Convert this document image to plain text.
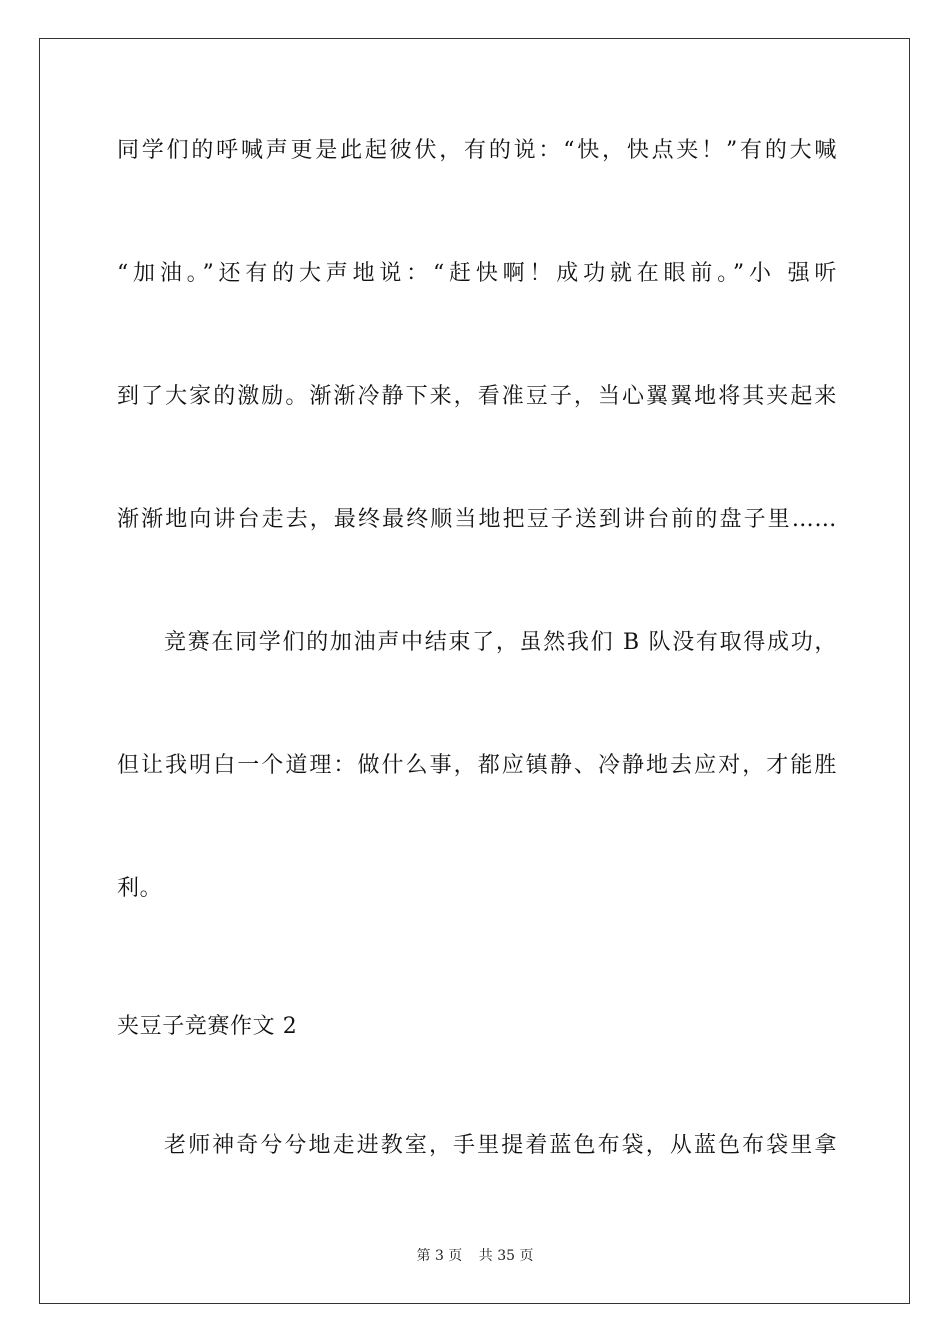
同学们的呼喊声更是此起彼伏，有的说：“快，快点夹！”有的大喊
“加油。”还有的大声地说：“赶快啊！成功就在眼前。”小 强听
到了大家的激励。渐渐冷静下来，看准豆子，当心翼翼地将其夹起来
渐渐地向讲台走去，最终最终顺当地把豆子送到讲台前的盘子里……
竞赛在同学们的加油声中结束了，虽然我们 B 队没有取得成功，
但让我明白一个道理：做什么事，都应镇静、冷静地去应对，才能胜
利。
夹豆子竞赛作文 2
老师神奇兮兮地走进教室，手里提着蓝色布袋，从蓝色布袋里拿
第 3 页 共 35 页
